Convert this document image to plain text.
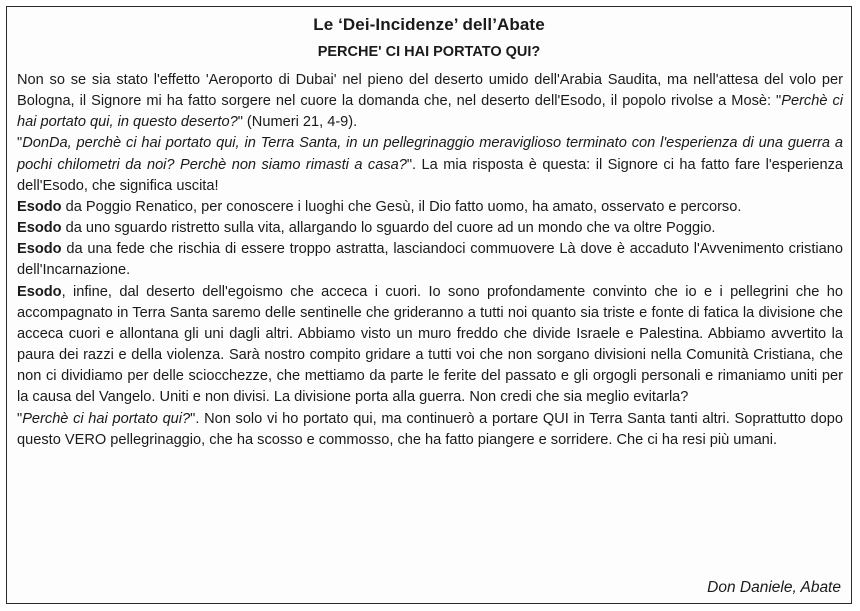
Le ‘Dei-Incidenze’ dell’Abate
PERCHE' CI HAI PORTATO QUI?

Non so se sia stato l'effetto 'Aeroporto di Dubai' nel pieno del deserto umido dell'Arabia Saudita, ma nell'attesa del volo per Bologna, il Signore mi ha fatto sorgere nel cuore la domanda che, nel deserto dell'Esodo, il popolo rivolse a Mosè: "Perchè ci hai portato qui, in questo deserto?" (Numeri 21, 4-9).

"DonDa, perchè ci hai portato qui, in Terra Santa, in un pellegrinaggio meraviglioso terminato con l'esperienza di una guerra a pochi chilometri da noi? Perchè non siamo rimasti a casa?". La mia risposta è questa: il Signore ci ha fatto fare l'esperienza dell'Esodo, che significa uscita!

Esodo da Poggio Renatico, per conoscere i luoghi che Gesù, il Dio fatto uomo, ha amato, osservato e percorso.

Esodo da uno sguardo ristretto sulla vita, allargando lo sguardo del cuore ad un mondo che va oltre Poggio.

Esodo da una fede che rischia di essere troppo astratta, lasciandoci commuovere Là dove è accaduto l'Avvenimento cristiano dell'Incarnazione.

Esodo, infine, dal deserto dell'egoismo che acceca i cuori. Io sono profondamente convinto che io e i pellegrini che ho accompagnato in Terra Santa saremo delle sentinelle che grideranno a tutti noi quanto sia triste e fonte di fatica la divisione che acceca cuori e allontana gli uni dagli altri. Abbiamo visto un muro freddo che divide Israele e Palestina. Abbiamo avvertito la paura dei razzi e della violenza. Sarà nostro compito gridare a tutti voi che non sorgano divisioni nella Comunità Cristiana, che non ci dividiamo per delle sciocchezze, che mettiamo da parte le ferite del passato e gli orgogli personali e rimaniamo uniti per la causa del Vangelo. Uniti e non divisi. La divisione porta alla guerra. Non credi che sia meglio evitarla?

"Perchè ci hai portato qui?". Non solo vi ho portato qui, ma continuerò a portare QUI in Terra Santa tanti altri. Soprattutto dopo questo VERO pellegrinaggio, che ha scosso e commosso, che ha fatto piangere e sorridere. Che ci ha resi più umani.

Don Daniele, Abate
